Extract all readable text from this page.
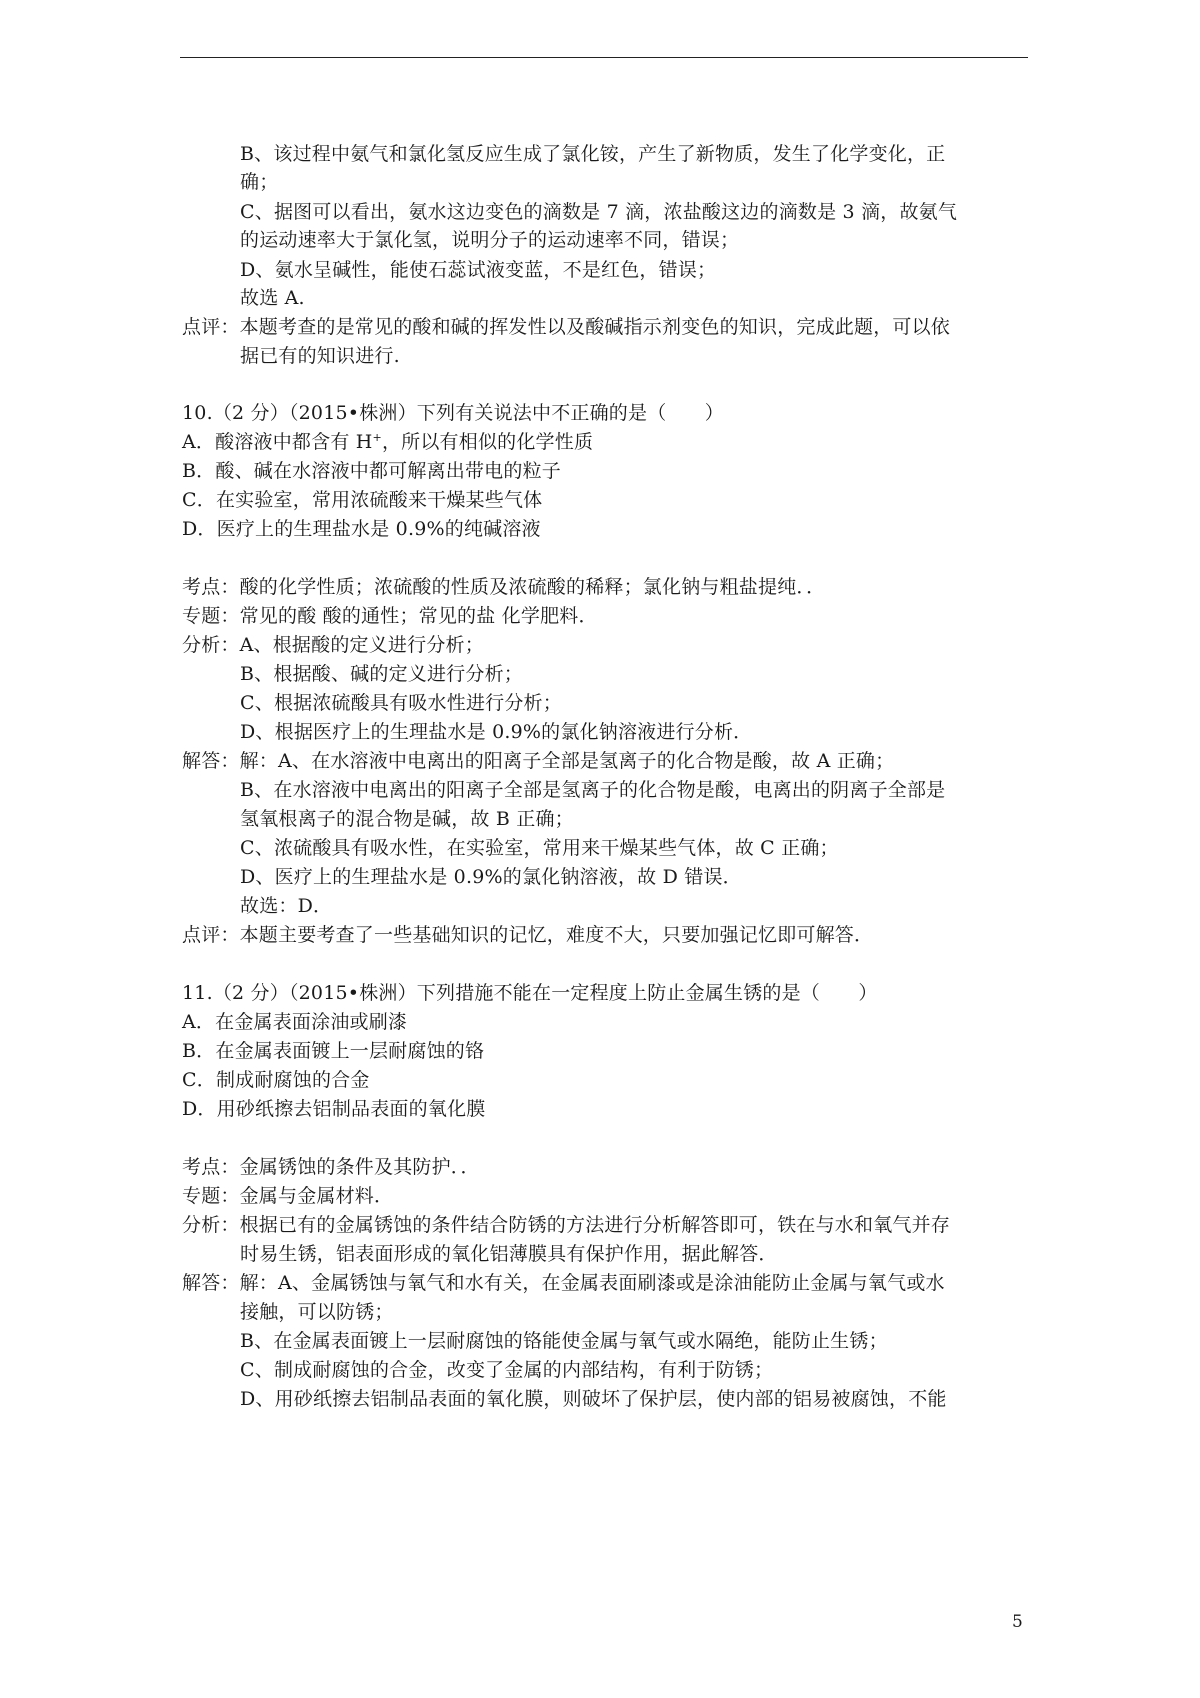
B、该过程中氨气和氯化氢反应生成了氯化铵，产生了新物质，发生了化学变化，正
确；
C、据图可以看出，氨水这边变色的滴数是 7 滴，浓盐酸这边的滴数是 3 滴，故氨气
的运动速率大于氯化氢，说明分子的运动速率不同，错误；
D、氨水呈碱性，能使石蕊试液变蓝，不是红色，错误；
故选 A.
点评：本题考查的是常见的酸和碱的挥发性以及酸碱指示剂变色的知识，完成此题，可以依
据已有的知识进行.
10.（2 分）（2015•株洲）下列有关说法中不正确的是（　　）
A．酸溶液中都含有 H+，所以有相似的化学性质
B．酸、碱在水溶液中都可解离出带电的粒子
C．在实验室，常用浓硫酸来干燥某些气体
D．医疗上的生理盐水是 0.9%的纯碱溶液
考点：酸的化学性质；浓硫酸的性质及浓硫酸的稀释；氯化钠与粗盐提纯．．
专题：常见的酸 酸的通性；常见的盐 化学肥料．
分析：A、根据酸的定义进行分析；
B、根据酸、碱的定义进行分析；
C、根据浓硫酸具有吸水性进行分析；
D、根据医疗上的生理盐水是 0.9%的氯化钠溶液进行分析．
解答：解：A、在水溶液中电离出的阳离子全部是氢离子的化合物是酸，故 A 正确；
B、在水溶液中电离出的阳离子全部是氢离子的化合物是酸，电离出的阴离子全部是
氢氧根离子的混合物是碱，故 B 正确；
C、浓硫酸具有吸水性，在实验室，常用来干燥某些气体，故 C 正确；
D、医疗上的生理盐水是 0.9%的氯化钠溶液，故 D 错误．
故选：D．
点评：本题主要考查了一些基础知识的记忆，难度不大，只要加强记忆即可解答．
11.（2 分）（2015•株洲）下列措施不能在一定程度上防止金属生锈的是（　　）
A．在金属表面涂油或刷漆
B．在金属表面镀上一层耐腐蚀的铬
C．制成耐腐蚀的合金
D．用砂纸擦去铝制品表面的氧化膜
考点：金属锈蚀的条件及其防护．．
专题：金属与金属材料．
分析：根据已有的金属锈蚀的条件结合防锈的方法进行分析解答即可，铁在与水和氧气并存
时易生锈，铝表面形成的氧化铝薄膜具有保护作用，据此解答．
解答：解：A、金属锈蚀与氧气和水有关，在金属表面刷漆或是涂油能防止金属与氧气或水
接触，可以防锈；
B、在金属表面镀上一层耐腐蚀的铬能使金属与氧气或水隔绝，能防止生锈；
C、制成耐腐蚀的合金，改变了金属的内部结构，有利于防锈；
D、用砂纸擦去铝制品表面的氧化膜，则破坏了保护层，使内部的铝易被腐蚀，不能
5
